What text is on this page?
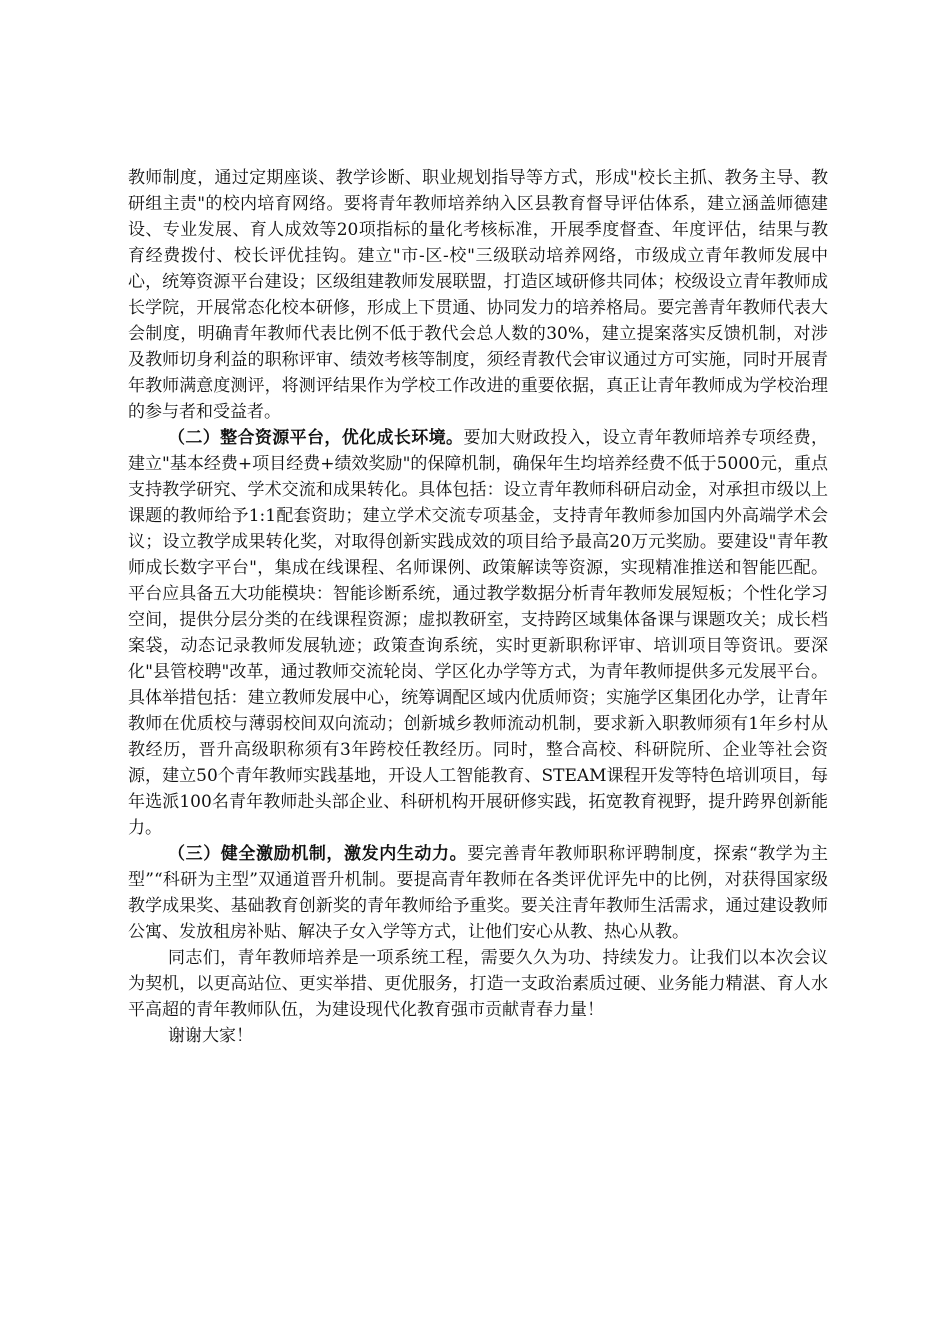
教师制度，通过定期座谈、教学诊断、职业规划指导等方式，形成"校长主抓、教务主导、教研组主责"的校内培育网络。要将青年教师培养纳入区县教育督导评估体系，建立涵盖师德建设、专业发展、育人成效等20项指标的量化考核标准，开展季度督查、年度评估，结果与教育经费拨付、校长评优挂钩。建立"市-区-校"三级联动培养网络，市级成立青年教师发展中心，统筹资源平台建设；区级组建教师发展联盟，打造区域研修共同体；校级设立青年教师成长学院，开展常态化校本研修，形成上下贯通、协同发力的培养格局。要完善青年教师代表大会制度，明确青年教师代表比例不低于教代会总人数的30%，建立提案落实反馈机制，对涉及教师切身利益的职称评审、绩效考核等制度，须经青教代会审议通过方可实施，同时开展青年教师满意度测评，将测评结果作为学校工作改进的重要依据，真正让青年教师成为学校治理的参与者和受益者。

（二）整合资源平台，优化成长环境。要加大财政投入，设立青年教师培养专项经费，建立"基本经费+项目经费+绩效奖励"的保障机制，确保年生均培养经费不低于5000元，重点支持教学研究、学术交流和成果转化。具体包括：设立青年教师科研启动金，对承担市级以上课题的教师给予1:1配套资助；建立学术交流专项基金，支持青年教师参加国内外高端学术会议；设立教学成果转化奖，对取得创新实践成效的项目给予最高20万元奖励。要建设"青年教师成长数字平台"，集成在线课程、名师课例、政策解读等资源，实现精准推送和智能匹配。平台应具备五大功能模块：智能诊断系统，通过教学数据分析青年教师发展短板；个性化学习空间，提供分层分类的在线课程资源；虚拟教研室，支持跨区域集体备课与课题攻关；成长档案袋，动态记录教师发展轨迹；政策查询系统，实时更新职称评审、培训项目等资讯。要深化"县管校聘"改革，通过教师交流轮岗、学区化办学等方式，为青年教师提供多元发展平台。具体举措包括：建立教师发展中心，统筹调配区域内优质师资；实施学区集团化办学，让青年教师在优质校与薄弱校间双向流动；创新城乡教师流动机制，要求新入职教师须有1年乡村从教经历，晋升高级职称须有3年跨校任教经历。同时，整合高校、科研院所、企业等社会资源，建立50个青年教师实践基地，开设人工智能教育、STEAM课程开发等特色培训项目，每年选派100名青年教师赴头部企业、科研机构开展研修实践，拓宽教育视野，提升跨界创新能力。

（三）健全激励机制，激发内生动力。要完善青年教师职称评聘制度，探索“教学为主型”“科研为主型”双通道晋升机制。要提高青年教师在各类评优评先中的比例，对获得国家级教学成果奖、基础教育创新奖的青年教师给予重奖。要关注青年教师生活需求，通过建设教师公寓、发放租房补贴、解决子女入学等方式，让他们安心从教、热心从教。

同志们，青年教师培养是一项系统工程，需要久久为功、持续发力。让我们以本次会议为契机，以更高站位、更实举措、更优服务，打造一支政治素质过硬、业务能力精湛、育人水平高超的青年教师队伍，为建设现代化教育强市贡献青春力量！

谢谢大家！
